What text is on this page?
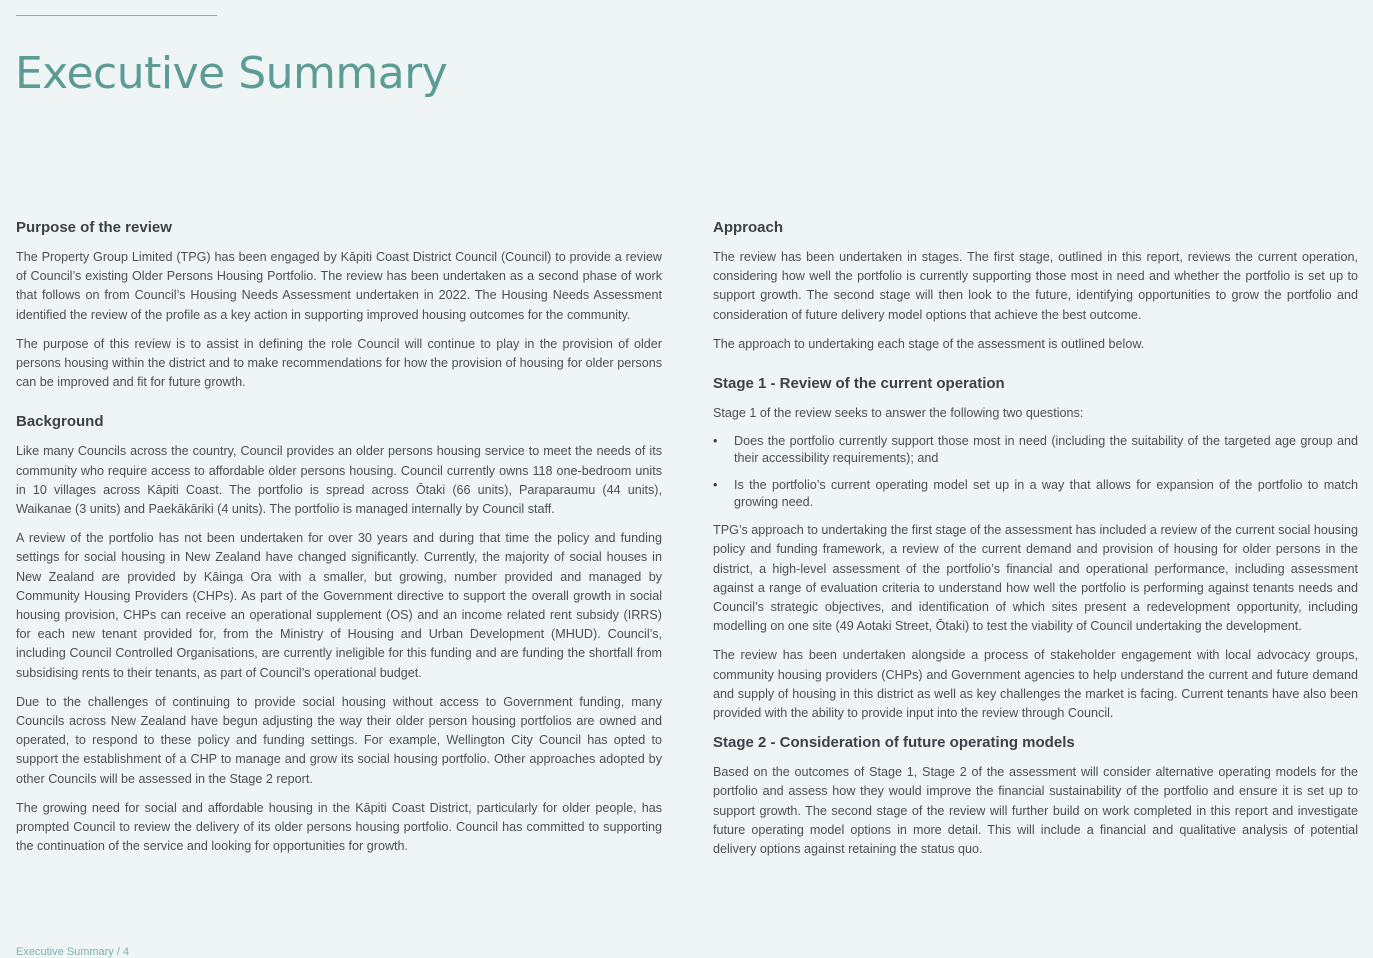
Executive Summary
Purpose of the review

The Property Group Limited (TPG) has been engaged by Kāpiti Coast District Council (Council) to provide a review of Council’s existing Older Persons Housing Portfolio. The review has been undertaken as a second phase of work that follows on from Council’s Housing Needs Assessment undertaken in 2022. The Housing Needs Assessment identified the review of the profile as a key action in supporting improved housing outcomes for the community.

The purpose of this review is to assist in defining the role Council will continue to play in the provision of older persons housing within the district and to make recommendations for how the provision of housing for older persons can be improved and fit for future growth.

Background

Like many Councils across the country, Council provides an older persons housing service to meet the needs of its community who require access to affordable older persons housing. Council currently owns 118 one-bedroom units in 10 villages across Kāpiti Coast. The portfolio is spread across Ōtaki (66 units), Paraparaumu (44 units), Waikanae (3 units) and Paekākāriki (4 units). The portfolio is managed internally by Council staff.

A review of the portfolio has not been undertaken for over 30 years and during that time the policy and funding settings for social housing in New Zealand have changed significantly. Currently, the majority of social houses in New Zealand are provided by Kāinga Ora with a smaller, but growing, number provided and managed by Community Housing Providers (CHPs). As part of the Government directive to support the overall growth in social housing provision, CHPs can receive an operational supplement (OS) and an income related rent subsidy (IRRS) for each new tenant provided for, from the Ministry of Housing and Urban Development (MHUD). Council’s, including Council Controlled Organisations, are currently ineligible for this funding and are funding the shortfall from subsidising rents to their tenants, as part of Council’s operational budget.

Due to the challenges of continuing to provide social housing without access to Government funding, many Councils across New Zealand have begun adjusting the way their older person housing portfolios are owned and operated, to respond to these policy and funding settings. For example, Wellington City Council has opted to support the establishment of a CHP to manage and grow its social housing portfolio. Other approaches adopted by other Councils will be assessed in the Stage 2 report.

The growing need for social and affordable housing in the Kāpiti Coast District, particularly for older people, has prompted Council to review the delivery of its older persons housing portfolio. Council has committed to supporting the continuation of the service and looking for opportunities for growth.

Approach

The review has been undertaken in stages. The first stage, outlined in this report, reviews the current operation, considering how well the portfolio is currently supporting those most in need and whether the portfolio is set up to support growth. The second stage will then look to the future, identifying opportunities to grow the portfolio and consideration of future delivery model options that achieve the best outcome.

The approach to undertaking each stage of the assessment is outlined below.

Stage 1 - Review of the current operation

Stage 1 of the review seeks to answer the following two questions:

• Does the portfolio currently support those most in need (including the suitability of the targeted age group and their accessibility requirements); and
• Is the portfolio’s current operating model set up in a way that allows for expansion of the portfolio to match growing need.

TPG’s approach to undertaking the first stage of the assessment has included a review of the current social housing policy and funding framework, a review of the current demand and provision of housing for older persons in the district, a high-level assessment of the portfolio’s financial and operational performance, including assessment against a range of evaluation criteria to understand how well the portfolio is performing against tenants needs and Council’s strategic objectives, and identification of which sites present a redevelopment opportunity, including modelling on one site (49 Aotaki Street, Ōtaki) to test the viability of Council undertaking the development.

The review has been undertaken alongside a process of stakeholder engagement with local advocacy groups, community housing providers (CHPs) and Government agencies to help understand the current and future demand and supply of housing in this district as well as key challenges the market is facing. Current tenants have also been provided with the ability to provide input into the review through Council.

Stage 2 - Consideration of future operating models

Based on the outcomes of Stage 1, Stage 2 of the assessment will consider alternative operating models for the portfolio and assess how they would improve the financial sustainability of the portfolio and ensure it is set up to support growth. The second stage of the review will further build on work completed in this report and investigate future operating model options in more detail. This will include a financial and qualitative analysis of potential delivery options against retaining the status quo.

Executive Summary / 4
